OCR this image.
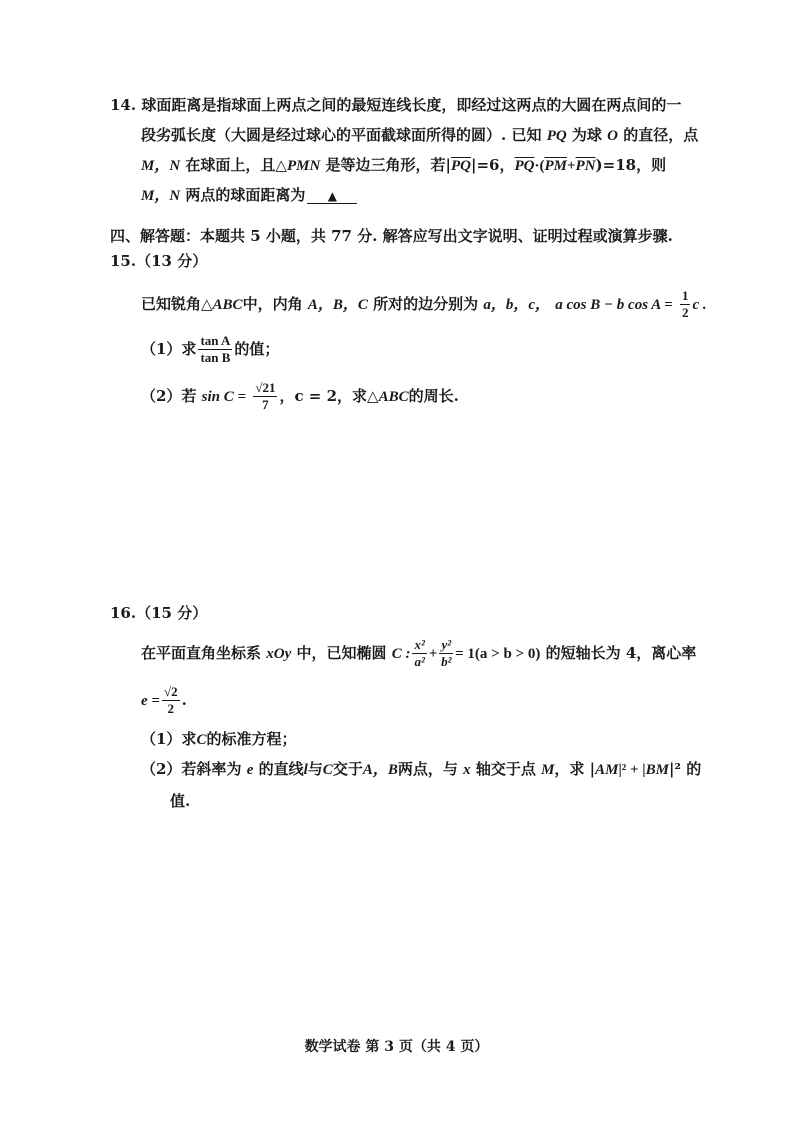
14. 球面距离是指球面上两点之间的最短连线长度，即经过这两点的大圆在两点间的一
段劣弧长度（大圆是经过球心的平面截球面所得的圆）. 已知 PQ 为球 O 的直径，点
M，N 在球面上，且△PMN 是等边三角形，若$|\overline{PQ}|=6$，$\overline{PQ}\cdot(\overline{PM}+\overline{PN})=18$，则
M，N 两点的球面距离为 ▲
四、解答题：本题共 5 小题，共 77 分. 解答应写出文字说明、证明过程或演算步骤.
15.（13 分）
已知锐角△ABC中，内角 A，B，C 所对的边分别为 a，b，c， a cos B − b $\cos A = \frac{1}{2}$ c .
（1）求 $\frac{\text{tan A}}{\text{tan B}}$ 的值；
（2）若 $\sin C = \frac{√21}{7}$ ，c = 2，求△ABC的周长.
16.（15 分）
在平面直角坐标系 xOy 中，已知椭圆 C : $\frac{\text{x²}}{\text{a²}} + \frac{\text{y²}}{\text{b²}} = 1(a > b > 0)$ 的短轴长为 4，离心率
$e = \frac{√2}{2}$ .
（1）求C的标准方程；
（2）若斜率为 e 的直线l与C交于A，B两点，与 x 轴交于点 M，求 |AM|² + |BM|² 的
值.
数学试卷 第 3 页（共 4 页）
